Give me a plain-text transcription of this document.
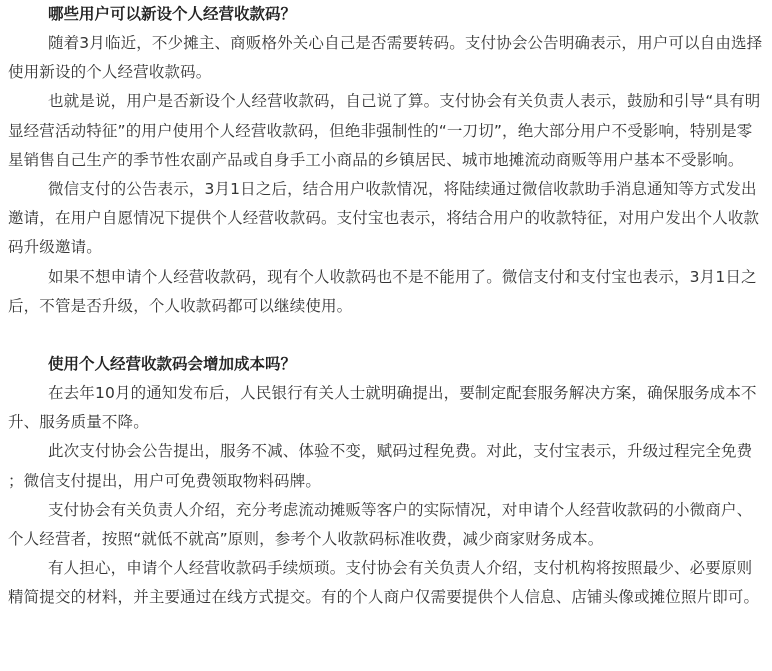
哪些用户可以新设个人经营收款码？

随着3月临近，不少摊主、商贩格外关心自己是否需要转码。支付协会公告明确表示，用户可以自由选择使用新设的个人经营收款码。

也就是说，用户是否新设个人经营收款码，自己说了算。支付协会有关负责人表示，鼓励和引导“具有明显经营活动特征”的用户使用个人经营收款码，但绝非强制性的“一刀切”，绝大部分用户不受影响，特别是零星销售自己生产的季节性农副产品或自身手工小商品的乡镇居民、城市地摊流动商贩等用户基本不受影响。

微信支付的公告表示，3月1日之后，结合用户收款情况，将陆续通过微信收款助手消息通知等方式发出邀请，在用户自愿情况下提供个人经营收款码。支付宝也表示，将结合用户的收款特征，对用户发出个人收款码升级邀请。

如果不想申请个人经营收款码，现有个人收款码也不是不能用了。微信支付和支付宝也表示，3月1日之后，不管是否升级，个人收款码都可以继续使用。

使用个人经营收款码会增加成本吗？

在去年10月的通知发布后，人民银行有关人士就明确提出，要制定配套服务解决方案，确保服务成本不升、服务质量不降。

此次支付协会公告提出，服务不减、体验不变，赋码过程免费。对此，支付宝表示，升级过程完全免费 ；微信支付提出，用户可免费领取物料码牌。

支付协会有关负责人介绍，充分考虑流动摊贩等客户的实际情况，对申请个人经营收款码的小微商户、个人经营者，按照“就低不就高”原则，参考个人收款码标准收费，减少商家财务成本。

有人担心，申请个人经营收款码手续烦琐。支付协会有关负责人介绍，支付机构将按照最少、必要原则精简提交的材料，并主要通过在线方式提交。有的个人商户仅需要提供个人信息、店铺头像或摊位照片即可。
